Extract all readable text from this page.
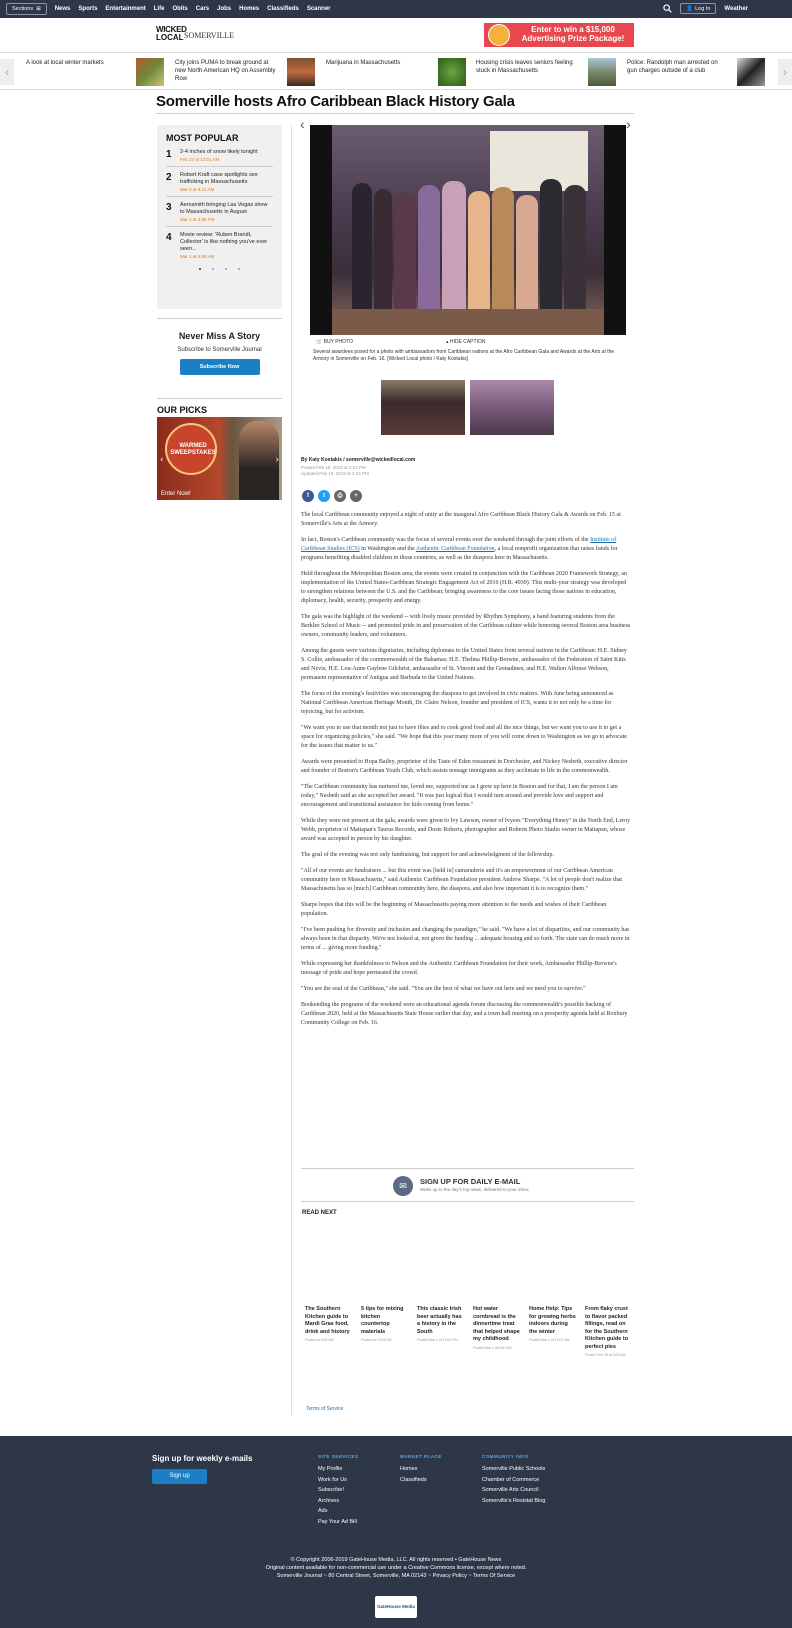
Sections ⊞ News Sports Entertainment Life Obits Cars Jobs Homes Classifieds Scanner	👤 Log In Weather
WICKED
LOCAL SOMERVILLE
Enter to win a $15,000 Advertising Prize Package!
‹
A look at local winter markets	City joins PUMA to break ground at new North American HQ on Assembly Row
Marijuana in Massachusetts	Housing crisis leaves seniors feeling stuck in Massachusetts
Police: Randolph man arrested on gun charges outside of a club	›
Somerville hosts Afro Caribbean Black History Gala
MOST POPULAR
1 2-4 inches of snow likely tonight
Feb 27 at 12:01 AM
2 Robert Kraft case spotlights sex trafficking in Massachusetts
Mar 3 at 8:21 AM
3 Aerosmith bringing Las Vegas show to Massachusetts in August
Mar 1 at 3:58 PM
4 Movie review: 'Ruben Brandt, Collector' is like nothing you've ever seen...
Mar 1 at 9:58 AM
Never Miss A Story

Subscribe to Somerville Journal

Subscribe Now
OUR PICKS
WARMED SWEEPSTAKES
Enter Now!
‹	›
‹	›
🛒 BUY PHOTO	▴ HIDE CAPTION
Several awardees posed for a photo with ambassadors from Caribbean nations at the Afro Caribbean Gala and Awards at the Arts at the Armory in Somerville on Feb. 16. [Wicked Local photo / Katy Kostakis]
By Katy Kostakis / somerville@wickedlocal.com
Posted Feb 19, 2019 at 2:24 PM
Updated Feb 19, 2019 at 2:24 PM
f	t	⎙	+

The local Caribbean community enjoyed a night of unity at the inaugural Afro Caribbean Black History Gala & Awards on Feb. 15 at Somerville's Arts at the Armory.

In fact, Boston's Caribbean community was the focus of several events over the weekend through the joint efforts of the Institute of Caribbean Studies (ICS) in Washington and the Authentic Caribbean Foundation, a local nonprofit organization that raises funds for programs benefiting disabled children in those countries, as well as the diaspora here in Massachusetts.

Held throughout the Metropolitan Boston area, the events were created in conjunction with the Caribbean 2020 Framework Strategy, an implementation of the United States-Caribbean Strategic Engagement Act of 2016 (H.R. 4939). This multi-year strategy was developed to strengthen relations between the U.S. and the Caribbean; bringing awareness to the core issues facing those nations in education, diplomacy, health, security, prosperity and energy.

The gala was the highlight of the weekend -- with lively music provided by Rhythm Symphony, a band featuring students from the Berklee School of Music -- and promoted pride in and preservation of the Caribbean culture while honoring several Boston area business owners, community leaders, and volunteers.

Among the guests were various dignitaries, including diplomats to the United States from several nations in the Caribbean: H.E. Sidney S. Collie, ambassador of the commonwealth of the Bahamas; H.E. Thelma Phillip-Browne, ambassador of the Federation of Saint Kitts and Nevis; H.E. Lou-Anne Gaylene Gilchrist, ambassador of St. Vincent and the Grenadines; and H.E. Walton Alfonso Webson, permanent representative of Antigua and Barbuda to the United Nations.

The focus of the evening's festivities was encouraging the diaspora to get involved in civic matters. With June being announced as National Caribbean American Heritage Month, Dr. Claire Nelson, founder and president of ICS, wants it to not only be a time for rejoicing, but for activism.

"We want you to use that month not just to have fêtes and to cook good food and all the nice things, but we want you to use it to get a space for organizing policies," she said. "We hope that this year many more of you will come down to Washington as we go to advocate for the issues that matter to us."

Awards were presented to Hopa Bailey, proprietor of the Taste of Eden restaurant in Dorchester, and Nickey Nesbeth, executive director and founder of Boston's Caribbean Youth Club, which assists teenage immigrants as they acclimate to life in the commonwealth.

"The Caribbean community has nurtured me, loved me, supported me as I grew up here in Boston and for that, I am the person I am today," Nesbeth said as she accepted her award. "It was just logical that I would turn around and provide love and support and encouragement and transitional assistance for kids coming from home."

While they were not present at the gala, awards were given to Ivy Lawson, owner of Ivyees "Everything Honey" in the North End, Leroy Webb, proprietor of Mattapan's Taurus Records, and Dosie Roberts, photographer and Roberts Photo Studio owner in Mattapan, whose award was accepted in person by his daughter.

The goal of the evening was not only fundraising, but support for and acknowledgment of the fellowship.

"All of our events are fundraisers ... but this event was [held in] camaraderie and it's an empowerment of our Caribbean American community here in Massachusetts," said Authentic Caribbean Foundation president Andrew Sharpe. "A lot of people don't realize that Massachusetts has so [much] Caribbean community here, the diaspora, and also how important it is to recognize them."

Sharpe hopes that this will be the beginning of Massachusetts paying more attention to the needs and wishes of their Caribbean population.

"I've been pushing for diversity and inclusion and changing the paradigm," he said. "We have a lot of disparities, and our community has always been in that disparity. We're not looked at, not given the funding ... adequate housing and so forth. The state can do much more in terms of ... giving more funding."

While expressing her thankfulness to Nelson and the Authentic Caribbean Foundation for their work, Ambassador Phillip-Browne's message of pride and hope permeated the crowd.

"You are the soul of the Caribbean," she said. "You are the best of what we have out here and we need you to survive."

Bookending the programs of the weekend were an educational agenda forum discussing the commonwealth's possible backing of Caribbean 2020, held at the Massachusetts State House earlier that day, and a town hall meeting on a prosperity agenda held at Roxbury Community College on Feb. 16.

✉	SIGN UP FOR DAILY E-MAIL
Wake up to the day's top news, delivered to your inbox
READ NEXT
The Southern Kitchen guide to Mardi Gras food, drink and history
Posted at 6:00 AM
5 tips for mixing kitchen countertop materials
Posted at 12:01 AM
This classic Irish beer actually has a history in the South
Posted Mar 1 at 12:00 PM
Hot water cornbread is the dinnertime treat that helped shape my childhood
Posted Mar 1 at 6:00 AM
Home Help: Tips for growing herbs indoors during the winter
Posted Mar 1 at 12:01 AM
From flaky crust to flavor packed fillings, read on for the Southern Kitchen guide to perfect pies
Posted Feb 28 at 6:00 AM
Terms of Service
Sign up for weekly e-mails
Sign up
SITE SERVICES
My Profile
Work for Us
Subscribe!
Archives
Ads
Pay Your Ad Bill
MARKET PLACE
Homes
Classifieds
COMMUNITY INFO
Somerville Public Schools
Chamber of Commerce
Somerville Arts Council
Somerville's Resistat Blog
© Copyright 2006-2019 GateHouse Media, LLC. All rights reserved • GateHouse News
Original content available for non-commercial use under a Creative Commons license, except where noted.
Somerville Journal ~ 80 Central Street, Somerville, MA 02143 ~ Privacy Policy ~ Terms Of Service
GateHouse Media
